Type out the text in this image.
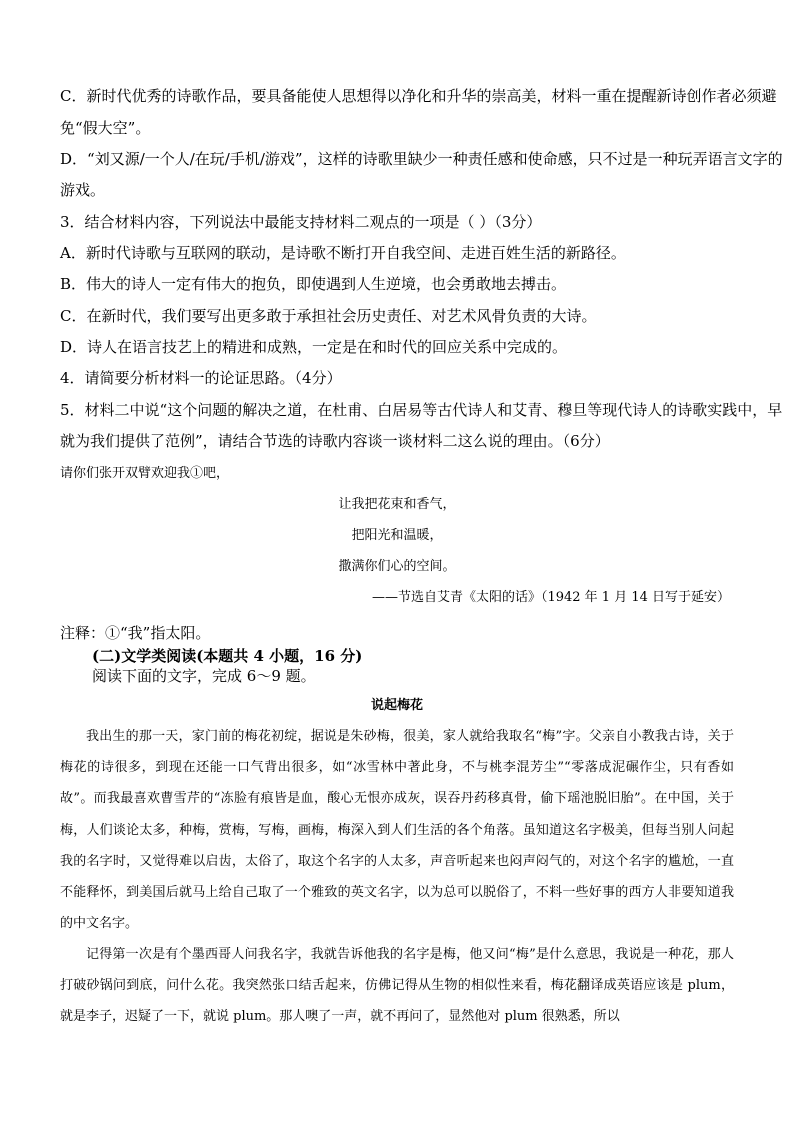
C．新时代优秀的诗歌作品，要具备能使人思想得以净化和升华的崇高美，材料一重在提醒新诗创作者必须避
免“假大空”。
D．“刘又源/一个人/在玩/手机/游戏”，这样的诗歌里缺少一种责任感和使命感，只不过是一种玩弄语言文字的
游戏。
3．结合材料内容，下列说法中最能支持材料二观点的一项是（ ）（3分）
A．新时代诗歌与互联网的联动，是诗歌不断打开自我空间、走进百姓生活的新路径。
B．伟大的诗人一定有伟大的抱负，即使遇到人生逆境，也会勇敢地去搏击。
C．在新时代，我们要写出更多敢于承担社会历史责任、对艺术风骨负责的大诗。
D．诗人在语言技艺上的精进和成熟，一定是在和时代的回应关系中完成的。
4．请简要分析材料一的论证思路。（4分）
5．材料二中说“这个问题的解决之道，在杜甫、白居易等古代诗人和艾青、穆旦等现代诗人的诗歌实践中，早
就为我们提供了范例”，请结合节选的诗歌内容谈一谈材料二这么说的理由。（6分）
请你们张开双臂欢迎我①吧，
让我把花束和香气，
把阳光和温暖，
撒满你们心的空间。
——节选自艾青《太阳的话》（1942 年 1 月 14 日写于延安）
注释：①“我”指太阳。
(二)文学类阅读(本题共 4 小题，16 分)
阅读下面的文字，完成 6～9 题。
说起梅花
我出生的那一天，家门前的梅花初绽，据说是朱砂梅，很美，家人就给我取名“梅”字。父亲自小教我古诗，关于梅花的诗很多，到现在还能一口气背出很多，如“冰雪林中著此身，不与桃李混芳尘”“零落成泥碾作尘，只有香如故”。而我最喜欢曹雪芹的“冻脸有痕皆是血，酸心无恨亦成灰，误吞丹药移真骨，偷下瑶池脱旧胎”。在中国，关于梅，人们谈论太多，种梅，赏梅，写梅，画梅，梅深入到人们生活的各个角落。虽知道这名字极美，但每当别人问起我的名字时，又觉得难以启齿，太俗了，取这个名字的人太多，声音听起来也闷声闷气的，对这个名字的尴尬，一直不能释怀，到美国后就马上给自己取了一个雅致的英文名字，以为总可以脱俗了，不料一些好事的西方人非要知道我的中文名字。
记得第一次是有个墨西哥人问我名字，我就告诉他我的名字是梅，他又问“梅”是什么意思，我说是一种花，那人打破砂锅问到底，问什么花。我突然张口结舌起来，仿佛记得从生物的相似性来看，梅花翻译成英语应该是 plum，就是李子，迟疑了一下，就说 plum。那人噢了一声，就不再问了，显然他对 plum 很熟悉，所以
